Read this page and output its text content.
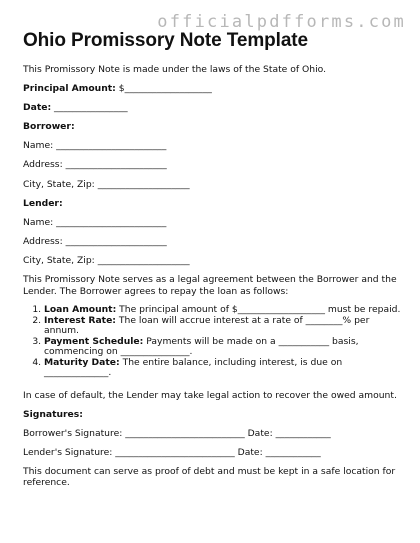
officialpdfforms.com
Ohio Promissory Note Template

This Promissory Note is made under the laws of the State of Ohio.

Principal Amount: $___________________

Date: ________________

Borrower:

Name: ________________________

Address: ______________________

City, State, Zip: ____________________

Lender:

Name: ________________________

Address: ______________________

City, State, Zip: ____________________

This Promissory Note serves as a legal agreement between the Borrower and the Lender. The Borrower agrees to repay the loan as follows:

1. Loan Amount: The principal amount of $___________________ must be repaid.
2. Interest Rate: The loan will accrue interest at a rate of ________% per annum.
3. Payment Schedule: Payments will be made on a ___________ basis, commencing on _______________.
4. Maturity Date: The entire balance, including interest, is due on ______________.

In case of default, the Lender may take legal action to recover the owed amount.

Signatures:

Borrower's Signature: __________________________ Date: ____________

Lender's Signature: __________________________ Date: ____________

This document can serve as proof of debt and must be kept in a safe location for reference.
